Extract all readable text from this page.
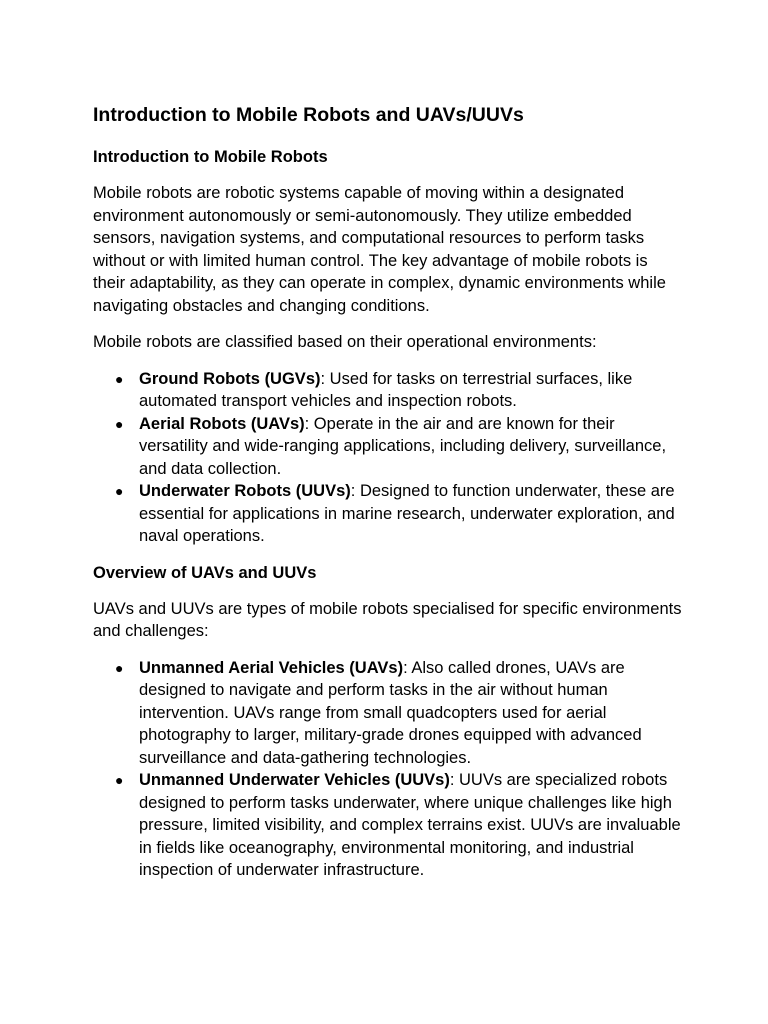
Introduction to Mobile Robots and UAVs/UUVs
Introduction to Mobile Robots

Mobile robots are robotic systems capable of moving within a designated environment autonomously or semi-autonomously. They utilize embedded sensors, navigation systems, and computational resources to perform tasks without or with limited human control. The key advantage of mobile robots is their adaptability, as they can operate in complex, dynamic environments while navigating obstacles and changing conditions.

Mobile robots are classified based on their operational environments:

● Ground Robots (UGVs): Used for tasks on terrestrial surfaces, like automated transport vehicles and inspection robots.
● Aerial Robots (UAVs): Operate in the air and are known for their versatility and wide-ranging applications, including delivery, surveillance, and data collection.
● Underwater Robots (UUVs): Designed to function underwater, these are essential for applications in marine research, underwater exploration, and naval operations.
Overview of UAVs and UUVs

UAVs and UUVs are types of mobile robots specialised for specific environments and challenges:

● Unmanned Aerial Vehicles (UAVs): Also called drones, UAVs are designed to navigate and perform tasks in the air without human intervention. UAVs range from small quadcopters used for aerial photography to larger, military-grade drones equipped with advanced surveillance and data-gathering technologies.
● Unmanned Underwater Vehicles (UUVs): UUVs are specialized robots designed to perform tasks underwater, where unique challenges like high pressure, limited visibility, and complex terrains exist. UUVs are invaluable in fields like oceanography, environmental monitoring, and industrial inspection of underwater infrastructure.
